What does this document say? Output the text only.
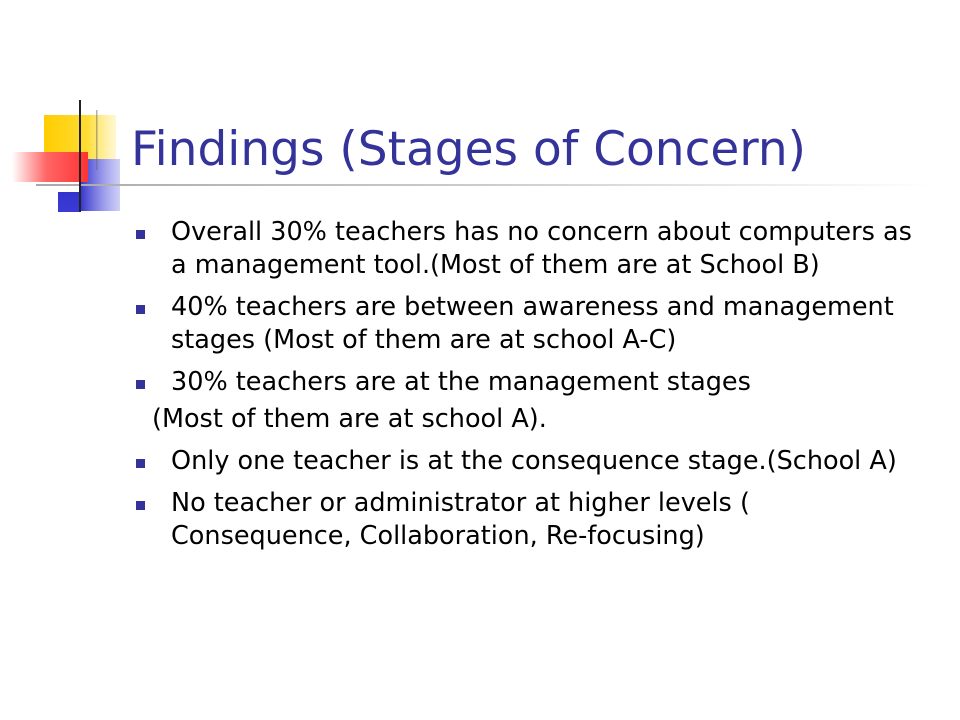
Findings (Stages of Concern)
Overall 30% teachers has no concern about computers as a management tool.(Most of them are at School B)
40% teachers are between awareness and management stages (Most of them are at school A-C)
30% teachers are at the management stages
(Most of them are at school A).
Only one teacher is at the consequence stage.(School A)
No teacher or administrator at higher levels ( Consequence, Collaboration, Re-focusing)
